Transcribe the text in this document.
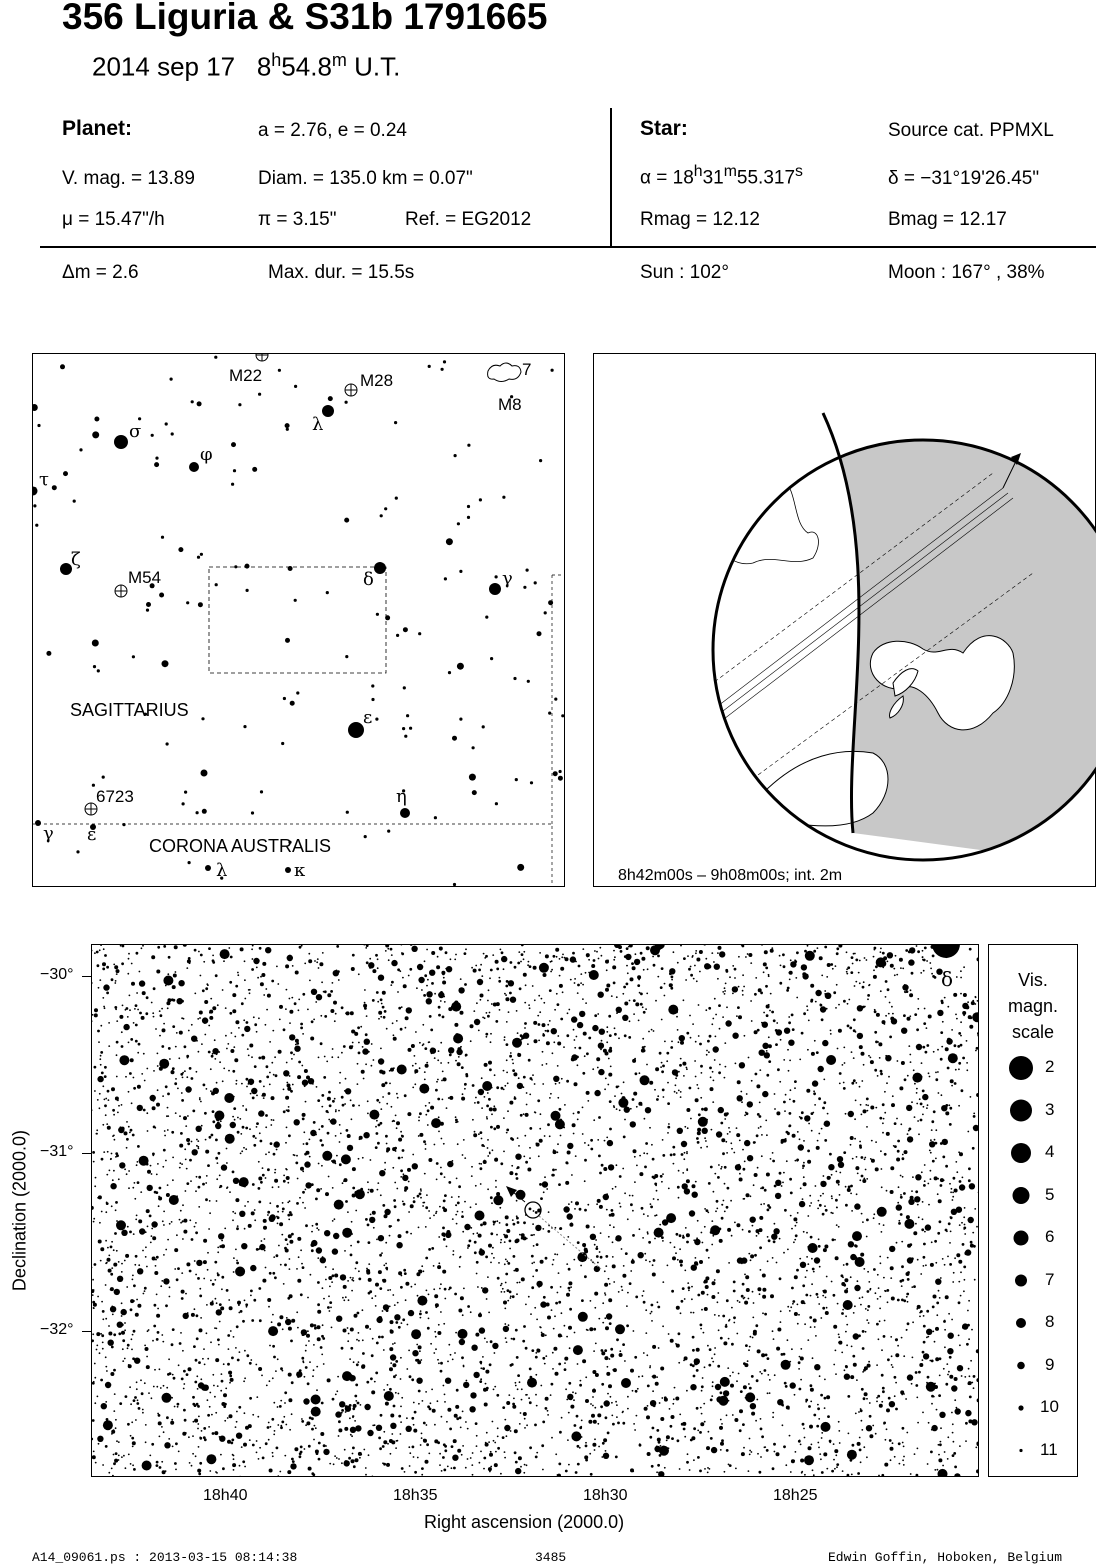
356 Liguria & S31b 1791665
2014 sep 17 8$^h$54.8$^m$ U.T.
Planet:	a = 2.76, e = 0.24
V. mag. = 13.89	Diam. = 135.0 km = 0.07"
μ = 15.47"/h	π = 3.15"	Ref. = EG2012
Star:	Source cat. PPMXL
$\alpha = 18^h31^m55.317^s$	δ = −31°19'26.45"
Rmag = 12.12	Bmag = 12.17
Δm = 2.6	Max. dur. = 15.5s	Sun : 102°	Moon : 167° , 38%
M22	M28
7
M8
M54
SAGITTARIUS
6723
CORONA AUSTRALIS
λ
σ
φ
τ
ζ
δ	γ
ε
η
γ ε
λ	κ	8h42m00s – 9h08m00s; int. 2m
δ
−30°
−31°
−32°
18h40	18h35	18h30	18h25
Right ascension (2000.0)
Declination (2000.0)
Vis.
magn.
scale
2
3
4
5
6
7
8
9
10
11
A14_09061.ps : 2013-03-15 08:14:38	3485	Edwin Goffin, Hoboken, Belgium
